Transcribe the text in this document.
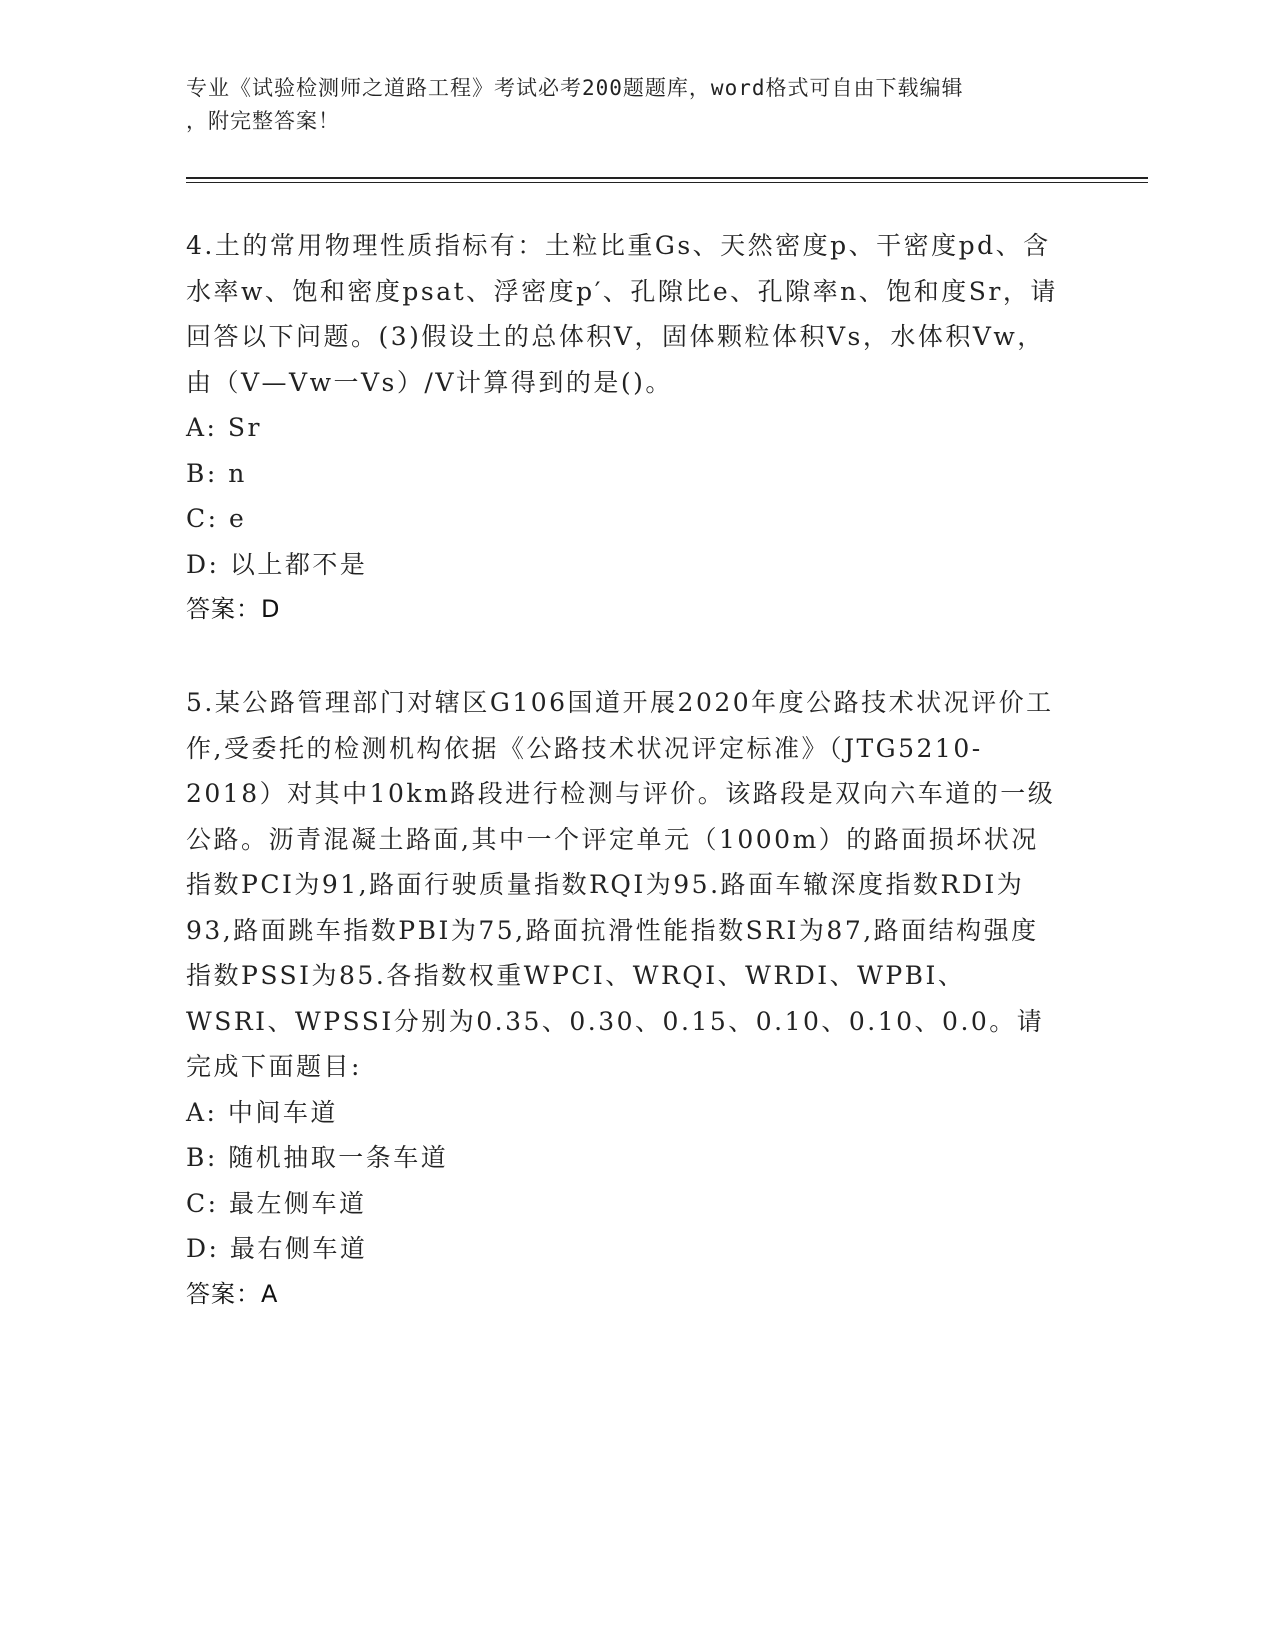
专业《试验检测师之道路工程》考试必考200题题库，word格式可自由下载编辑
，附完整答案！

4.土的常用物理性质指标有：土粒比重Gs、天然密度p、干密度pd、含水率w、饱和密度psat、浮密度p′、孔隙比e、孔隙率n、饱和度Sr，请回答以下问题。(3)假设土的总体积V，固体颗粒体积Vs，水体积Vw，由（V—Vw一Vs）/V计算得到的是()。

A: Sr

B: n

C: e

D: 以上都不是

答案：D

5.某公路管理部门对辖区G106国道开展2020年度公路技术状况评价工作,受委托的检测机构依据《公路技术状况评定标准》（JTG5210-2018）对其中10km路段进行检测与评价。该路段是双向六车道的一级公路。沥青混凝土路面,其中一个评定单元（1000m）的路面损坏状况指数PCI为91,路面行驶质量指数RQI为95.路面车辙深度指数RDI为93,路面跳车指数PBI为75,路面抗滑性能指数SRI为87,路面结构强度指数PSSI为85.各指数权重WPCI、WRQI、WRDI、WPBI、WSRI、WPSSI分别为0.35、0.30、0.15、0.10、0.10、0.0。请完成下面题目:

A: 中间车道

B: 随机抽取一条车道

C: 最左侧车道

D: 最右侧车道

答案：A
